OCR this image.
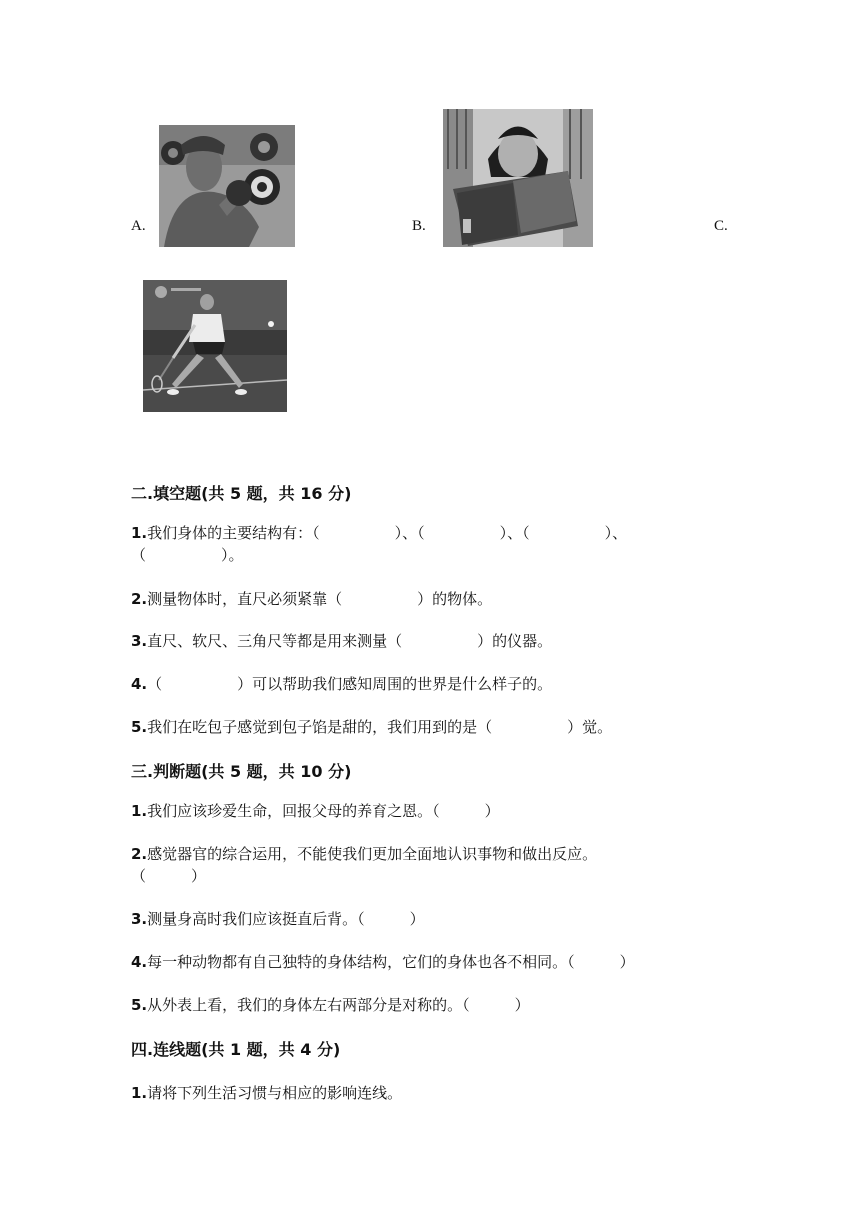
A.	B.	C.
二.填空题(共 5 题，共 16 分)
1.我们身体的主要结构有：（　　　　　）、（　　　　　）、（　　　　　）、
（　　　　　）。
2.测量物体时，直尺必须紧靠（　　　　　）的物体。
3.直尺、软尺、三角尺等都是用来测量（　　　　　）的仪器。
4.（　　　　　）可以帮助我们感知周围的世界是什么样子的。
5.我们在吃包子感觉到包子馅是甜的，我们用到的是（　　　　　）觉。
三.判断题(共 5 题，共 10 分)
1.我们应该珍爱生命，回报父母的养育之恩。（　　　）
2.感觉器官的综合运用，不能使我们更加全面地认识事物和做出反应。
（　　　）
3.测量身高时我们应该挺直后背。（　　　）
4.每一种动物都有自己独特的身体结构，它们的身体也各不相同。（　　　）
5.从外表上看，我们的身体左右两部分是对称的。（　　　）
四.连线题(共 1 题，共 4 分)
1.请将下列生活习惯与相应的影响连线。
